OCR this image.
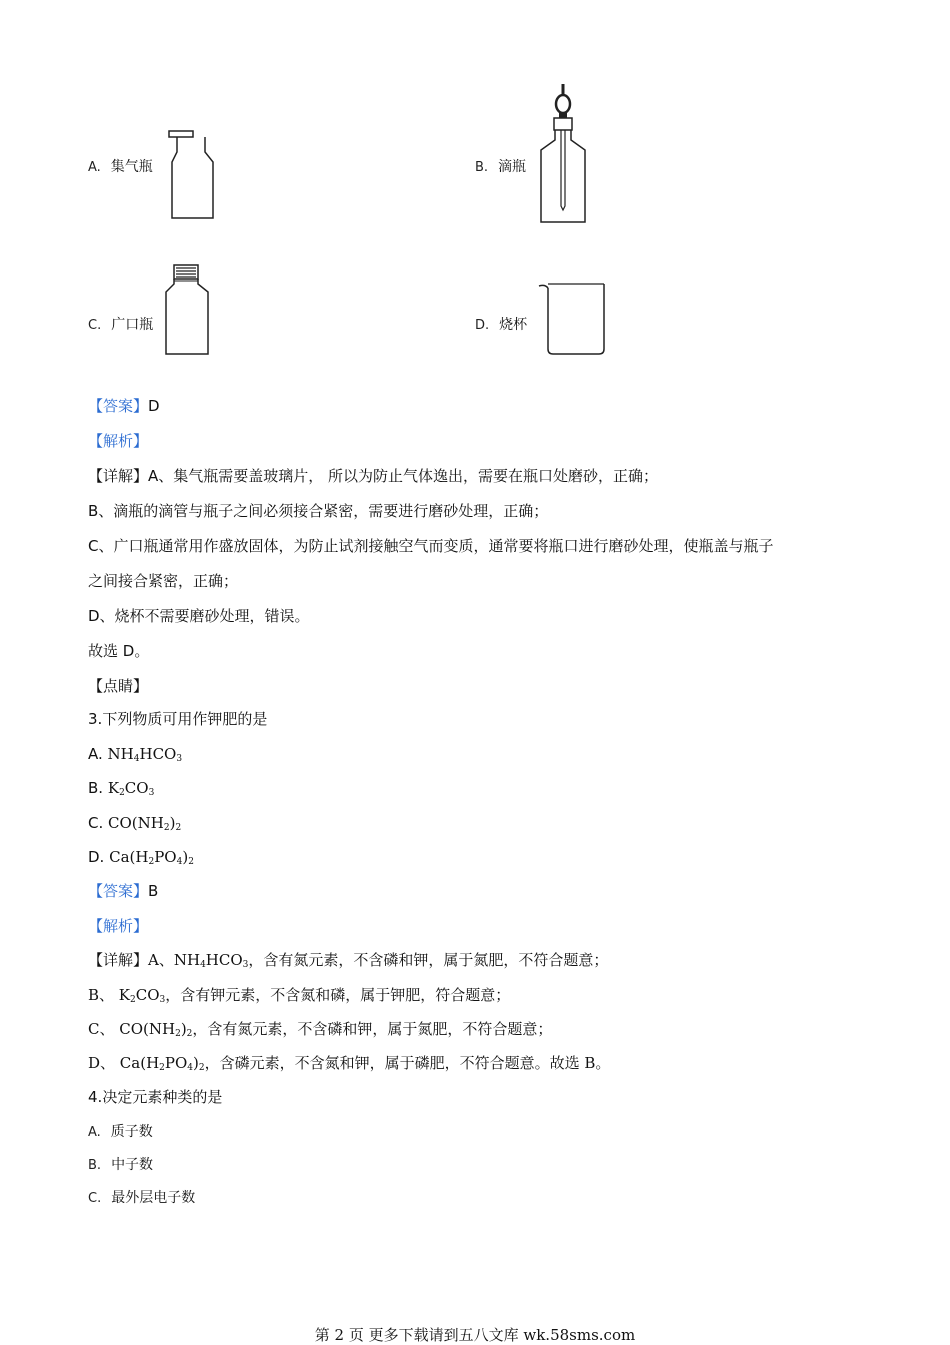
A. 集气瓶	B. 滴瓶
C. 广口瓶	D. 烧杯
【答案】D
【解析】
【详解】A、集气瓶需要盖玻璃片， 所以为防止气体逸出，需要在瓶口处磨砂，正确；
B、滴瓶的滴管与瓶子之间必须接合紧密，需要进行磨砂处理，正确；
C、广口瓶通常用作盛放固体，为防止试剂接触空气而变质，通常要将瓶口进行磨砂处理，使瓶盖与瓶子
之间接合紧密，正确；
D、烧杯不需要磨砂处理，错误。
故选 D。
【点睛】
3.下列物质可用作钾肥的是
A. $NH_4HCO_3$
B. $K_2CO_3$
C. $CO(NH_2)_2$
D. $Ca(H_2PO_4)_2$
【答案】B
【解析】
【详解】A、$NH_4HCO_3$，含有氮元素，不含磷和钾，属于氮肥，不符合题意；
B、 $K_2CO_3$，含有钾元素，不含氮和磷，属于钾肥，符合题意；
C、 $CO(NH_2)_2$，含有氮元素，不含磷和钾，属于氮肥，不符合题意；
D、 $Ca(H_2PO_4)_2$，含磷元素，不含氮和钾，属于磷肥，不符合题意。故选 B。
4.决定元素种类的是
A. 质子数
B. 中子数
C. 最外层电子数
第 2 页 更多下载请到五八文库 wk.58sms.com
